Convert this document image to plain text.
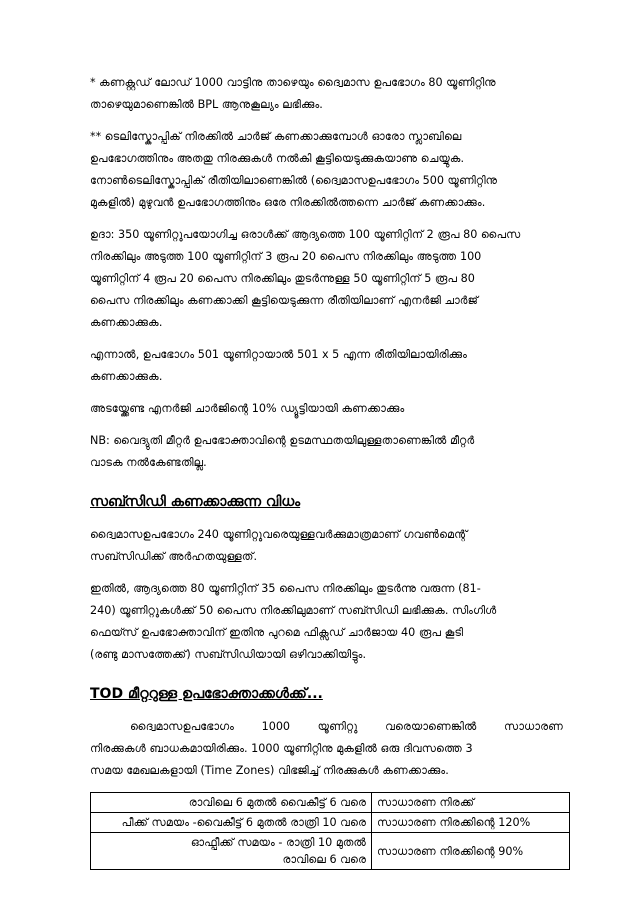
* കണക്റ്റഡ് ലോഡ് 1000 വാട്ടിനു താഴെയും ദ്വൈമാസ ഉപഭോഗം 80 യൂണിറ്റിനു

താഴെയുമാണെങ്കിൽ BPL ആനുകൂല്യം ലഭിക്കും.

** ടെലിസ്കോപ്പിക് നിരക്കിൽ ചാർജ് കണക്കാക്കുമ്പോൾ ഓരോ സ്ലാബിലെ

ഉപഭോഗത്തിനും അതതു നിരക്കുകൾ നൽകി കൂട്ടിയെടുക്കുകയാണു ചെയ്യുക.

നോൺടെലിസ്കോപ്പിക് രീതിയിലാണെങ്കിൽ (ദ്വൈമാസഉപഭോഗം 500 യൂണിറ്റിനു

മുകളിൽ) മുഴുവൻ ഉപഭോഗത്തിനും ഒരേ നിരക്കിൽത്തന്നെ ചാർജ് കണക്കാക്കും.

ഉദാ: 350 യൂണിറ്റുപയോഗിച്ച ഒരാൾക്ക് ആദ്യത്തെ 100 യൂണിറ്റിന് 2 രൂപ 80 പൈസ

നിരക്കിലും അടുത്ത 100 യൂണിറ്റിന് 3 രൂപ 20 പൈസ നിരക്കിലും അടുത്ത 100

യൂണിറ്റിന് 4 രൂപ 20 പൈസ നിരക്കിലും തുടർന്നുള്ള 50 യൂണിറ്റിന് 5 രൂപ 80

പൈസ നിരക്കിലും കണക്കാക്കി കൂട്ടിയെടുക്കുന്ന രീതിയിലാണ് എനർജി ചാർജ്

കണക്കാക്കുക.

എന്നാൽ, ഉപഭോഗം 501 യൂണിറ്റായാൽ 501 x 5 എന്ന രീതിയിലായിരിക്കും

കണക്കാക്കുക.

അടയ്ക്കേണ്ട എനർജി ചാർജിന്റെ 10% ഡ്യൂട്ടിയായി കണക്കാക്കും

NB: വൈദ്യുതി മീറ്റർ ഉപഭോക്താവിന്റെ ഉടമസ്ഥതയിലുള്ളതാണെങ്കിൽ മീറ്റർ

വാടക നൽകേണ്ടതില്ല.

സബ്സിഡി കണക്കാക്കുന്ന വിധം

ദ്വൈമാസഉപഭോഗം 240 യൂണിറ്റുവരെയുള്ളവർക്കുമാത്രമാണ് ഗവൺമെന്റ്

സബ്സിഡിക്ക് അർഹതയുള്ളത്.

ഇതിൽ, ആദ്യത്തെ 80 യൂണിറ്റിന് 35 പൈസ നിരക്കിലും തുടർന്നു വരുന്ന (81-

240) യൂണിറ്റുകൾക്ക് 50 പൈസ നിരക്കിലുമാണ് സബ്സിഡി ലഭിക്കുക. സിംഗിൾ

ഫെയ്സ് ഉപഭോക്താവിന് ഇതിനു പുറമെ ഫിക്സഡ് ചാർജായ 40 രൂപ കൂടി

(രണ്ടു മാസത്തേക്ക്) സബ്സിഡിയായി ഒഴിവാക്കിയിട്ടും.

TOD മീറ്ററുള്ള ഉപഭോക്താക്കൾക്ക്...

ദ്വൈമാസഉപഭോഗം 1000 യൂണിറ്റു വരെയാണെങ്കിൽ സാധാരണ

നിരക്കുകൾ ബാധകമായിരിക്കും. 1000 യൂണിറ്റിനു മുകളിൽ ഒരു ദിവസത്തെ 3

സമയ മേഖലകളായി (Time Zones) വിഭജിച്ച് നിരക്കുകൾ കണക്കാക്കും.

രാവിലെ 6 മുതൽ വൈകീട്ട് 6 വരെ	സാധാരണ നിരക്ക്
പീക്ക് സമയം -വൈകീട്ട് 6 മുതൽ രാത്രി 10 വരെ	സാധാരണ നിരക്കിന്റെ 120%

ഓഫ്പീക്ക് സമയം - രാത്രി 10 മുതൽ
രാവിലെ 6 വരെ	സാധാരണ നിരക്കിന്റെ 90%
